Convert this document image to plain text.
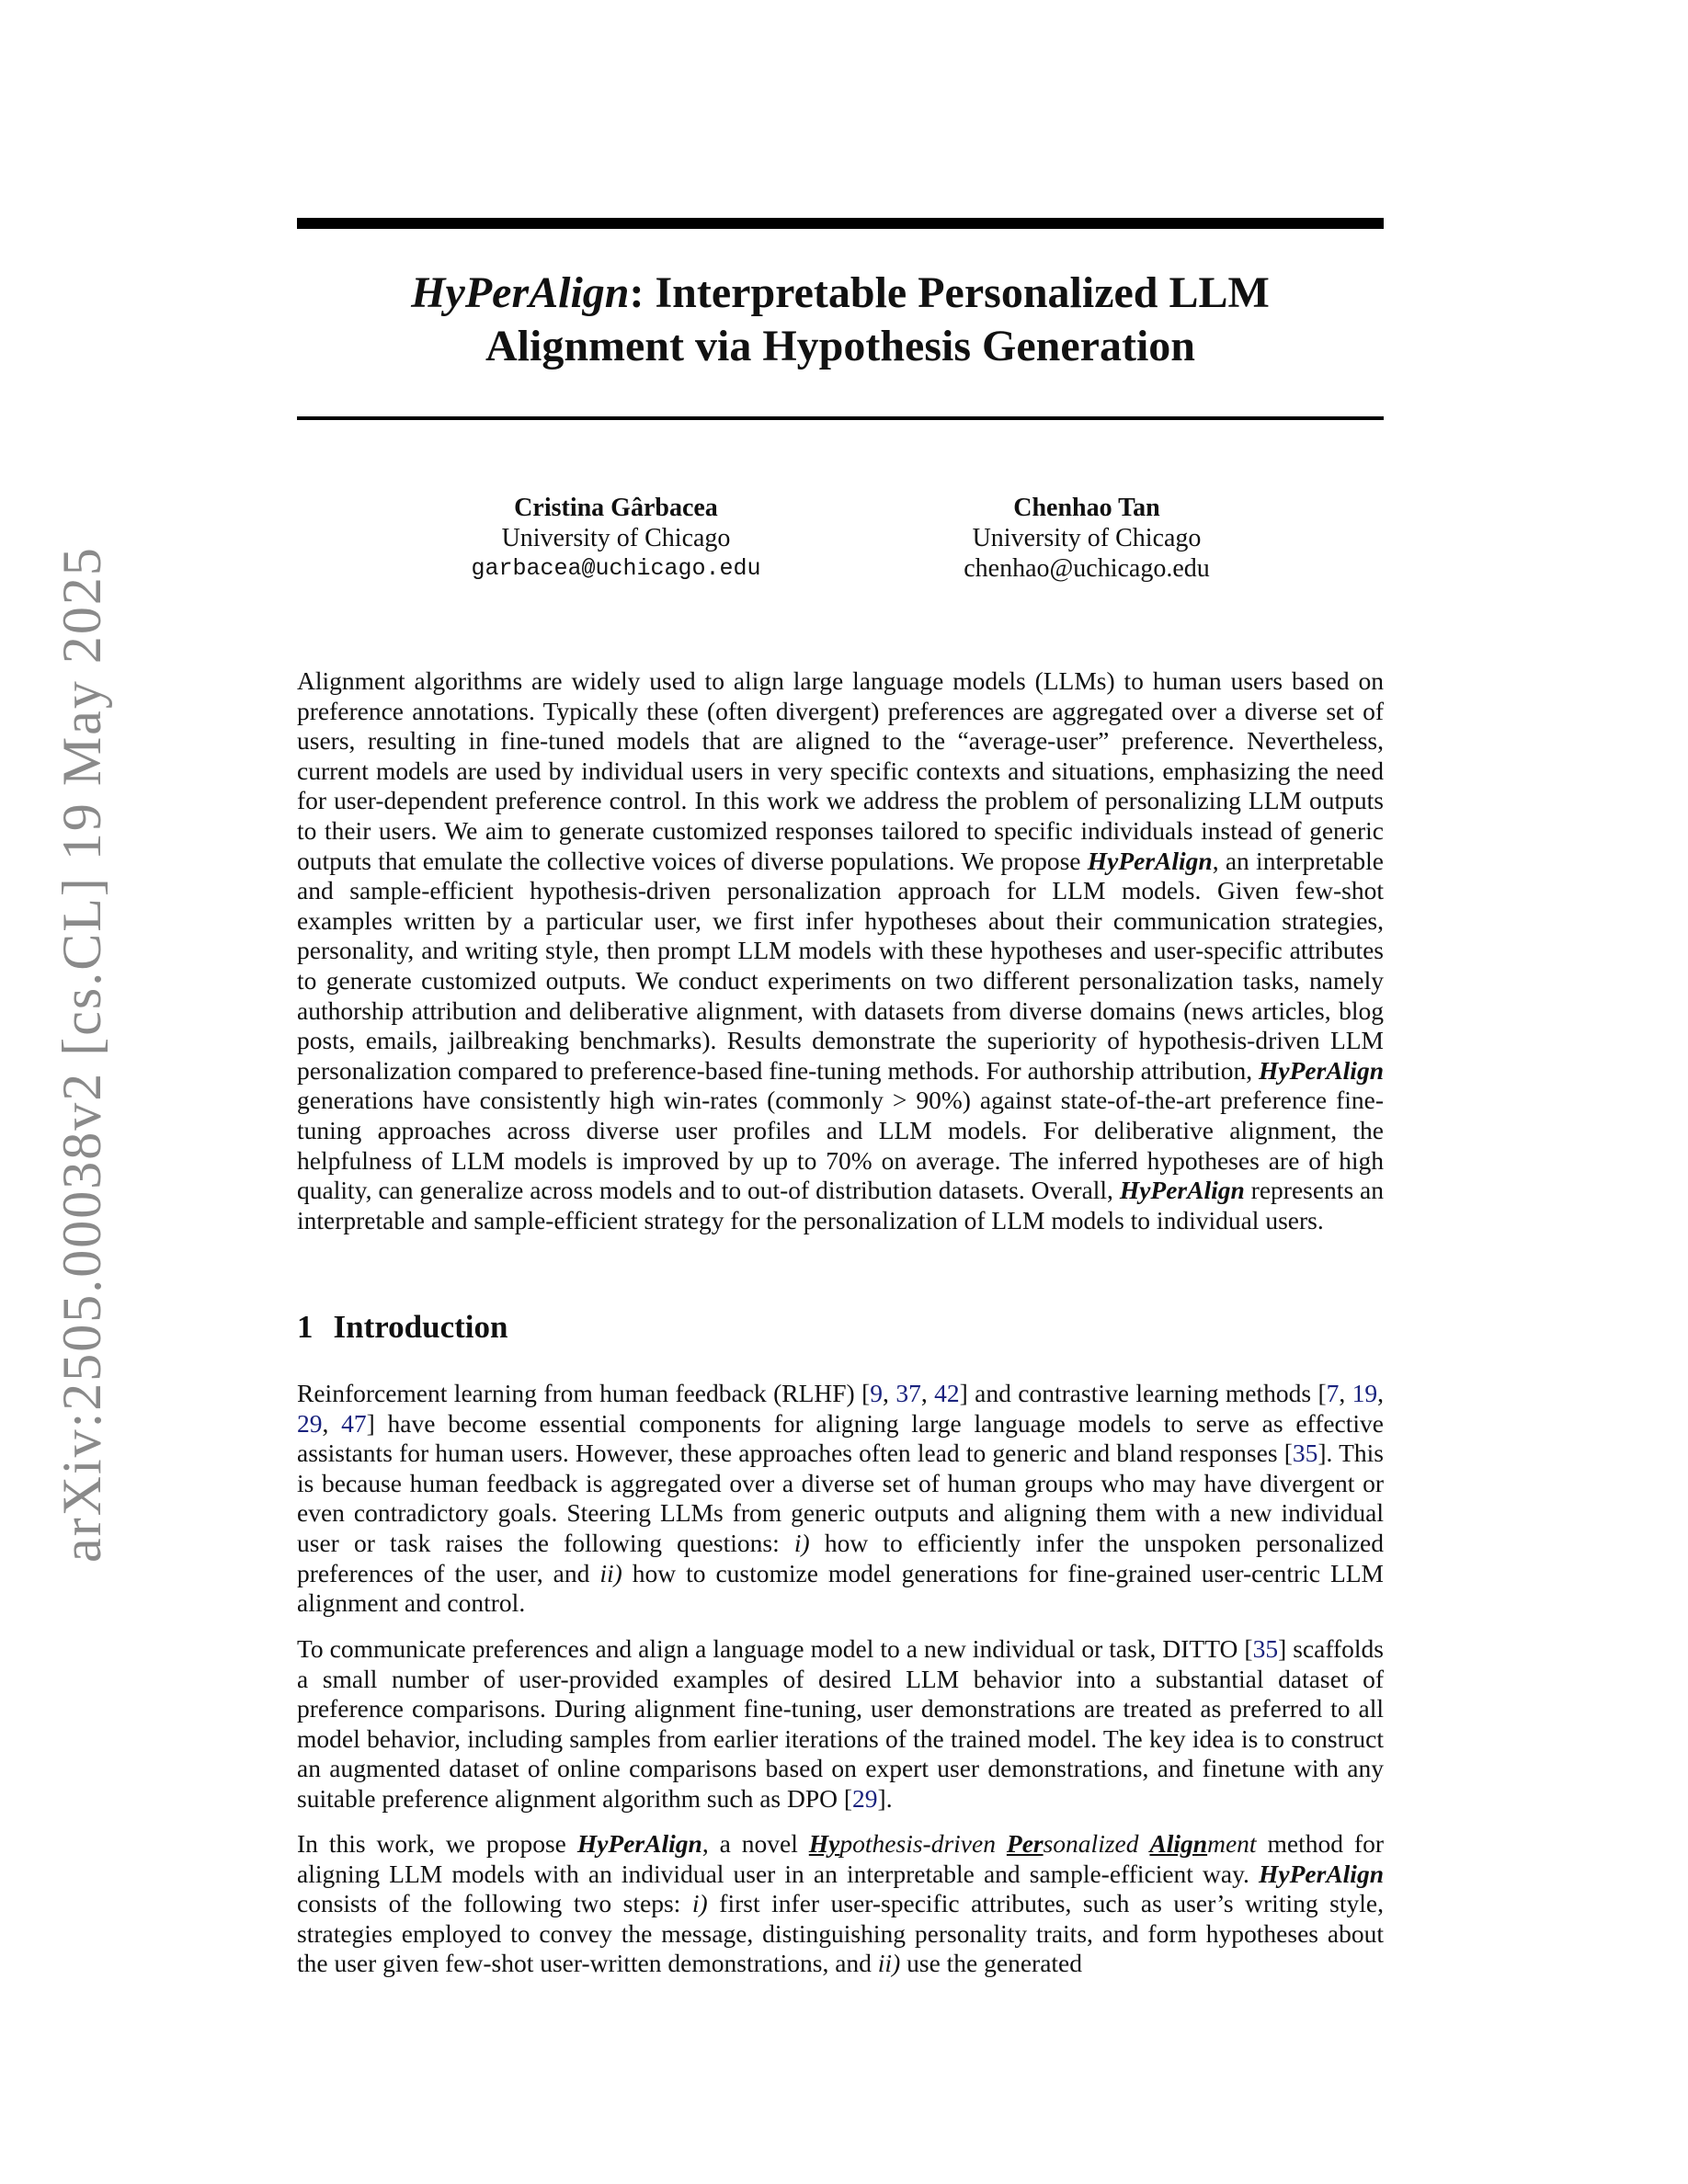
arXiv:2505.00038v2 [cs.CL] 19 May 2025
HyPerAlign: Interpretable Personalized LLM
Alignment via Hypothesis Generation
Cristina Gârbacea
University of Chicago
garbacea@uchicago.edu
Chenhao Tan
University of Chicago
chenhao@uchicago.edu
Alignment algorithms are widely used to align large language models (LLMs) to human users based on preference annotations. Typically these (often divergent) preferences are aggregated over a diverse set of users, resulting in fine-tuned models that are aligned to the “average-user” preference. Nevertheless, current models are used by individual users in very specific contexts and situations, emphasizing the need for user-dependent preference control. In this work we address the problem of personalizing LLM outputs to their users. We aim to generate customized responses tailored to specific individuals instead of generic outputs that emulate the collective voices of diverse populations. We propose HyPerAlign, an interpretable and sample-efficient hypothesis-driven personalization approach for LLM models. Given few-shot examples written by a particular user, we first infer hypotheses about their communication strategies, personality, and writing style, then prompt LLM models with these hypotheses and user-specific attributes to generate customized outputs. We conduct experiments on two different personalization tasks, namely authorship attribution and deliberative alignment, with datasets from diverse domains (news articles, blog posts, emails, jailbreaking benchmarks). Results demonstrate the superiority of hypothesis-driven LLM personalization compared to preference-based fine-tuning methods. For authorship attribution, HyPerAlign generations have consistently high win-rates (commonly > 90%) against state-of-the-art preference fine-tuning approaches across diverse user profiles and LLM models. For deliberative alignment, the helpfulness of LLM models is improved by up to 70% on average. The inferred hypotheses are of high quality, can generalize across models and to out-of distribution datasets. Overall, HyPerAlign represents an interpretable and sample-efficient strategy for the personalization of LLM models to individual users.
1 Introduction
Reinforcement learning from human feedback (RLHF) [9, 37, 42] and contrastive learning methods [7, 19, 29, 47] have become essential components for aligning large language models to serve as effective assistants for human users. However, these approaches often lead to generic and bland responses [35]. This is because human feedback is aggregated over a diverse set of human groups who may have divergent or even contradictory goals. Steering LLMs from generic outputs and aligning them with a new individual user or task raises the following questions: i) how to efficiently infer the unspoken personalized preferences of the user, and ii) how to customize model generations for fine-grained user-centric LLM alignment and control.
To communicate preferences and align a language model to a new individual or task, DITTO [35] scaffolds a small number of user-provided examples of desired LLM behavior into a substantial dataset of preference comparisons. During alignment fine-tuning, user demonstrations are treated as preferred to all model behavior, including samples from earlier iterations of the trained model. The key idea is to construct an augmented dataset of online comparisons based on expert user demonstrations, and finetune with any suitable preference alignment algorithm such as DPO [29].
In this work, we propose HyPerAlign, a novel Hypothesis-driven Personalized Alignment method for aligning LLM models with an individual user in an interpretable and sample-efficient way. HyPerAlign consists of the following two steps: i) first infer user-specific attributes, such as user’s writing style, strategies employed to convey the message, distinguishing personality traits, and form hypotheses about the user given few-shot user-written demonstrations, and ii) use the generated
